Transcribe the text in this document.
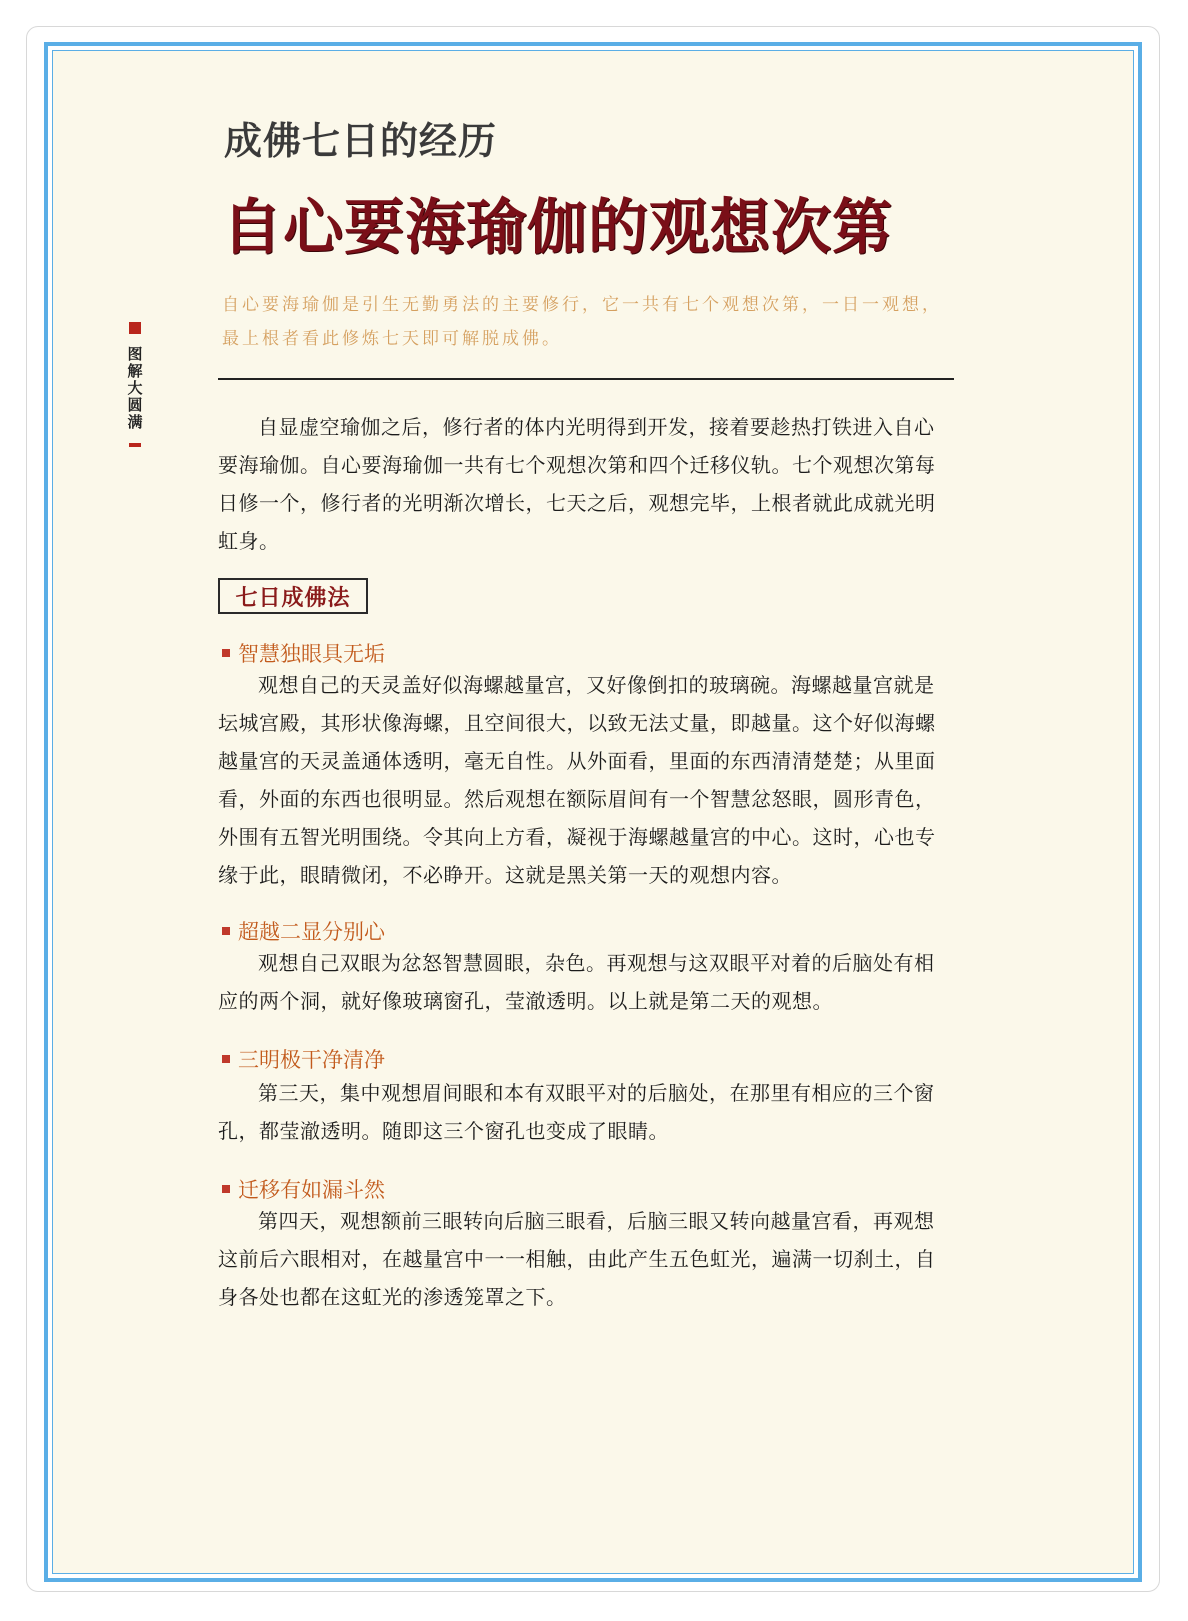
图解大圆满
成佛七日的经历
自心要海瑜伽的观想次第
自心要海瑜伽是引生无勤勇法的主要修行，它一共有七个观想次第，一日一观想，最上根者看此修炼七天即可解脱成佛。

自显虚空瑜伽之后，修行者的体内光明得到开发，接着要趁热打铁进入自心要海瑜伽。自心要海瑜伽一共有七个观想次第和四个迁移仪轨。七个观想次第每日修一个，修行者的光明渐次增长，七天之后，观想完毕，上根者就此成就光明虹身。

七日成佛法
智慧独眼具无垢

观想自己的天灵盖好似海螺越量宫，又好像倒扣的玻璃碗。海螺越量宫就是坛城宫殿，其形状像海螺，且空间很大，以致无法丈量，即越量。这个好似海螺越量宫的天灵盖通体透明，毫无自性。从外面看，里面的东西清清楚楚；从里面看，外面的东西也很明显。然后观想在额际眉间有一个智慧忿怒眼，圆形青色，外围有五智光明围绕。令其向上方看，凝视于海螺越量宫的中心。这时，心也专缘于此，眼睛微闭，不必睁开。这就是黑关第一天的观想内容。

超越二显分别心

观想自己双眼为忿怒智慧圆眼，杂色。再观想与这双眼平对着的后脑处有相应的两个洞，就好像玻璃窗孔，莹澈透明。以上就是第二天的观想。

三明极干净清净

第三天，集中观想眉间眼和本有双眼平对的后脑处，在那里有相应的三个窗孔，都莹澈透明。随即这三个窗孔也变成了眼睛。

迁移有如漏斗然

第四天，观想额前三眼转向后脑三眼看，后脑三眼又转向越量宫看，再观想这前后六眼相对，在越量宫中一一相触，由此产生五色虹光，遍满一切刹土，自身各处也都在这虹光的渗透笼罩之下。
